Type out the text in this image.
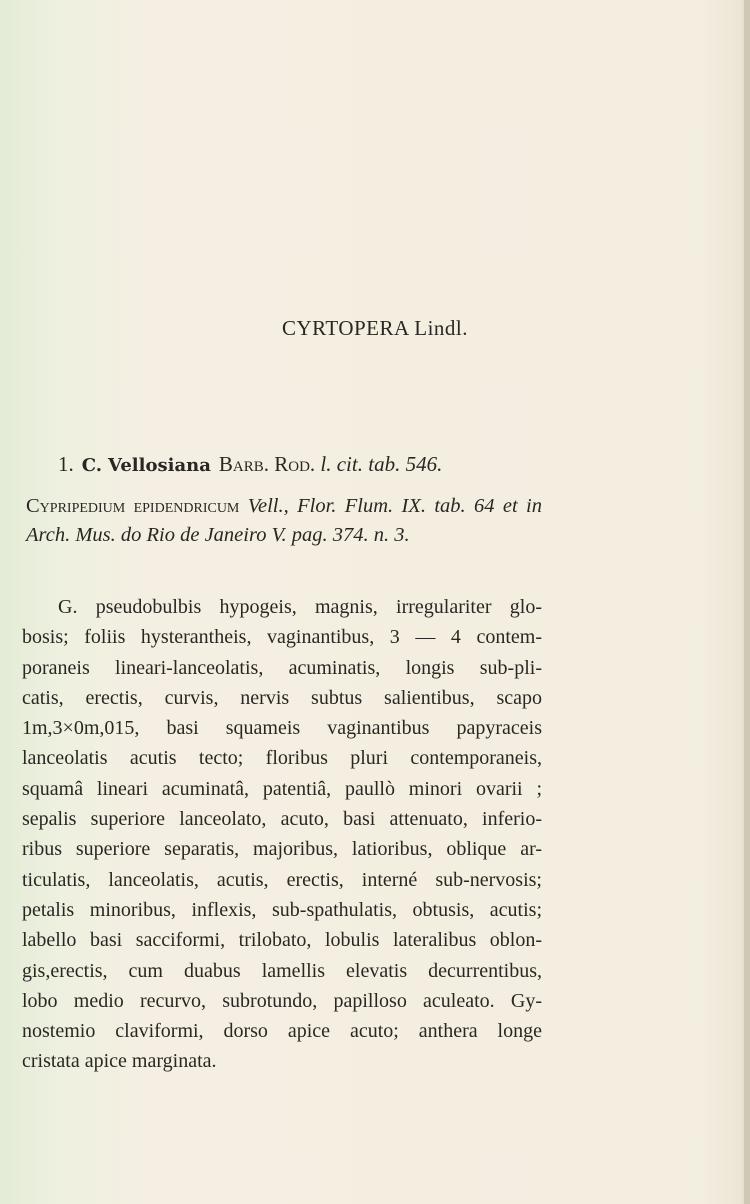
CYRTOPERA Lindl.
1. C. Vellosiana Barb. Rod. l. cit. tab. 546.
Cypripedium epidendricum Vell., Flor. Flum. IX. tab. 64 et in Arch. Mus. do Rio de Janeiro V. pag. 374. n. 3.
G. pseudobulbis hypogeis, magnis, irregulariter glo-
bosis; foliis hysterantheis, vaginantibus, 3 — 4 contem-
poraneis lineari-lanceolatis, acuminatis, longis sub-pli-
catis, erectis, curvis, nervis subtus salientibus, scapo
1m,3×0m,015, basi squameis vaginantibus papyraceis
lanceolatis acutis tecto; floribus pluri contemporaneis,
squamâ lineari acuminatâ, patentiâ, paullò minori ovarii ;
sepalis superiore lanceolato, acuto, basi attenuato, inferio-
ribus superiore separatis, majoribus, latioribus, oblique ar-
ticulatis, lanceolatis, acutis, erectis, interné sub-nervosis;
petalis minoribus, inflexis, sub-spathulatis, obtusis, acutis;
labello basi sacciformi, trilobato, lobulis lateralibus oblon-
gis,erectis, cum duabus lamellis elevatis decurrentibus,
lobo medio recurvo, subrotundo, papilloso aculeato. Gy-
nostemio claviformi, dorso apice acuto; anthera longe
cristata apice marginata.
